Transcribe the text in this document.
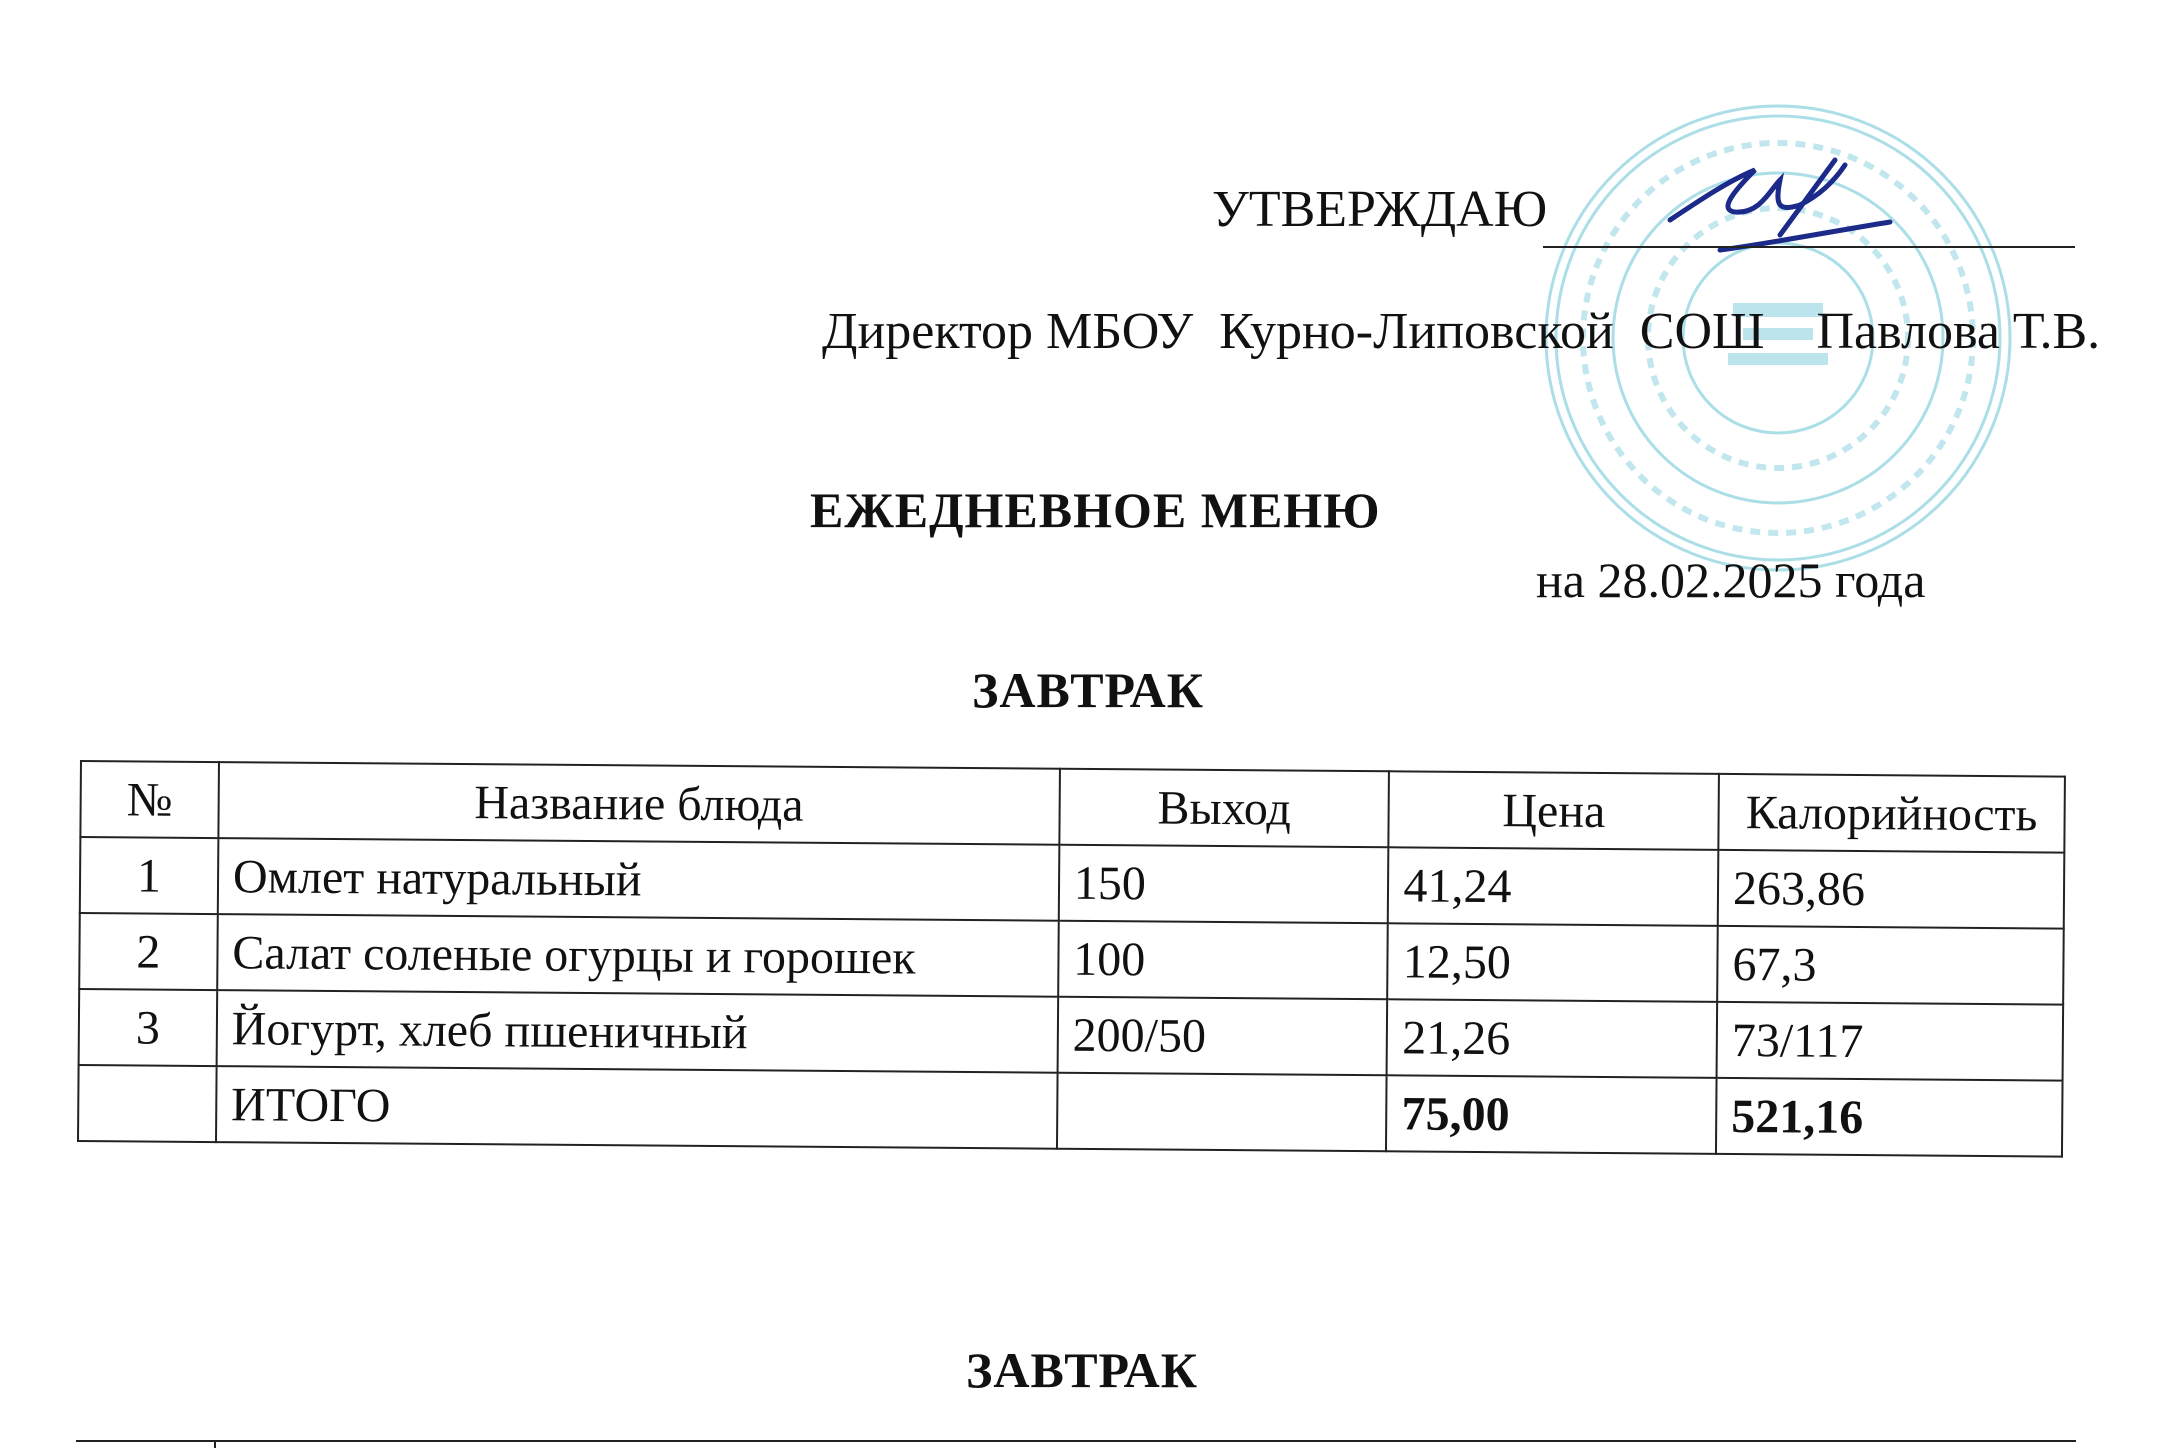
УТВЕРЖДАЮ
Директор МБОУ  Курно-Липовской  СОШ    Павлова Т.В.
ЕЖЕДНЕВНОЕ МЕНЮ
на 28.02.2025 года
ЗАВТРАК
№	Название блюда	Выход	Цена	Калорийность
1	Омлет натуральный	150	41,24	263,86
2	Салат соленые огурцы и горошек	100	12,50	67,3
3	Йогурт, хлеб пшеничный	200/50	21,26	73/117
	ИТОГО		75,00	521,16
ЗАВТРАК
